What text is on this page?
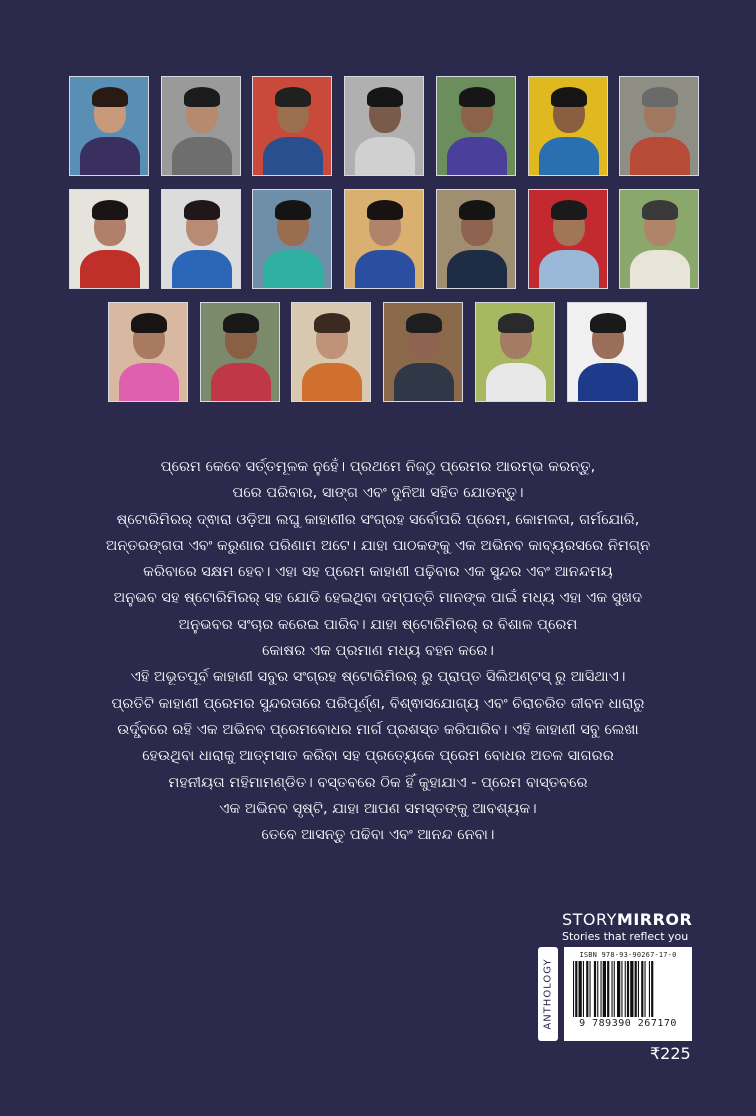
ପ୍ରେମ କେବେ ସର୍ତ୍ତମୂଳକ ନୁହେଁ। ପ୍ରଥମେ ନିଜଠୁ ପ୍ରେମର ଆରମ୍ଭ କରନ୍ତୁ,
ପରେ ପରିବାର, ସାଙ୍ଗ ଏବଂ ଦୁନିଆ ସହିତ ଯୋଡନ୍ତୁ।
ଷ୍ଟୋରିମିରର୍ ଦ୍ଵାରା ଓଡ଼ିଆ ଲଘୁ କାହାଣୀର ସଂଗ୍ରହ ସର୍ବୋପରି ପ୍ରେମ, କୋମଳତା, ଗର୍ମଯୋରି,
ଅନ୍ତରଙ୍ଗତା ଏବଂ କରୁଣାର ପରିଣାମ ଅଟେ। ଯାହା ପାଠକଙ୍କୁ ଏକ ଅଭିନବ କାବ୍ୟରସରେ ନିମଗ୍ନ
କରିବାରେ ସକ୍ଷମ ହେବ। ଏହା ସହ ପ୍ରେମ କାହାଣୀ ପଢ଼ିବାର ଏକ ସୁନ୍ଦର ଏବଂ ଆନନ୍ଦମୟ
ଅନୁଭବ ସହ ଷ୍ଟୋରିମିରର୍ ସହ ଯୋଡି ହେଇଥିବା ଦମ୍ପତ୍ତି ମାନଙ୍କ ପାଇଁ ମଧ୍ୟ ଏହା ଏକ ସୁଖଦ
ଅନୁଭବର ସଂଚାର କରେଇ ପାରିବ। ଯାହା ଷ୍ଟୋରିମିରର୍ ର ବିଶାଳ ପ୍ରେମ
କୋଷର ଏକ ପ୍ରମାଣ ମଧ୍ୟ ବହନ କରେ।
ଏହି ଅଭୂତପୂର୍ବ କାହାଣୀ ସବୁର ସଂଗ୍ରହ ଷ୍ଟୋରିମିରର୍ ରୁ ପ୍ରାପ୍ତ ସିଲିଅଣ୍ଟସ୍ ରୁ ଆସିଥାଏ।
ପ୍ରତିଟି କାହାଣୀ ପ୍ରେମର ସୁନ୍ଦରତାରେ ପରିପୂର୍ଣ୍ଣ, ବିଶ୍ଵାସଯୋଗ୍ୟ ଏବଂ ଚିରାଚରିତ ଜୀବନ ଧାରାରୁ
ଉର୍ଦ୍ଧ୍ବରେ ରହି ଏକ ଅଭିନବ ପ୍ରେମବୋଧର ମାର୍ଗ ପ୍ରଶସ୍ତ କରିପାରିବ। ଏହି କାହାଣୀ ସବୁ ଲେଖା
ହେଉଥିବା ଧାରାକୁ ଆତ୍ମସାତ କରିବା ସହ ପ୍ରତ୍ୟେକେ ପ୍ରେମ ବୋଧର ଅତଳ ସାଗରର
ମହନୀୟତା ମହିମାମଣ୍ଡିତ। ବସ୍ତବରେ ଠିକ ହିଁ କୁହାଯାଏ - ପ୍ରେମ ବାସ୍ତବରେ
ଏକ ଅଭିନବ ସୃଷ୍ଟି, ଯାହା ଆପଣ ସମସ୍ତଙ୍କୁ ଆବଶ୍ୟକ।
ତେବେ ଆସନ୍ତୁ ପଢିବା ଏବଂ ଆନନ୍ଦ ନେବା।
STORYMIRROR
Stories that reflect you
ANTHOLOGY
ISBN 978-93-90267-17-0
9 789390 267170
₹225
